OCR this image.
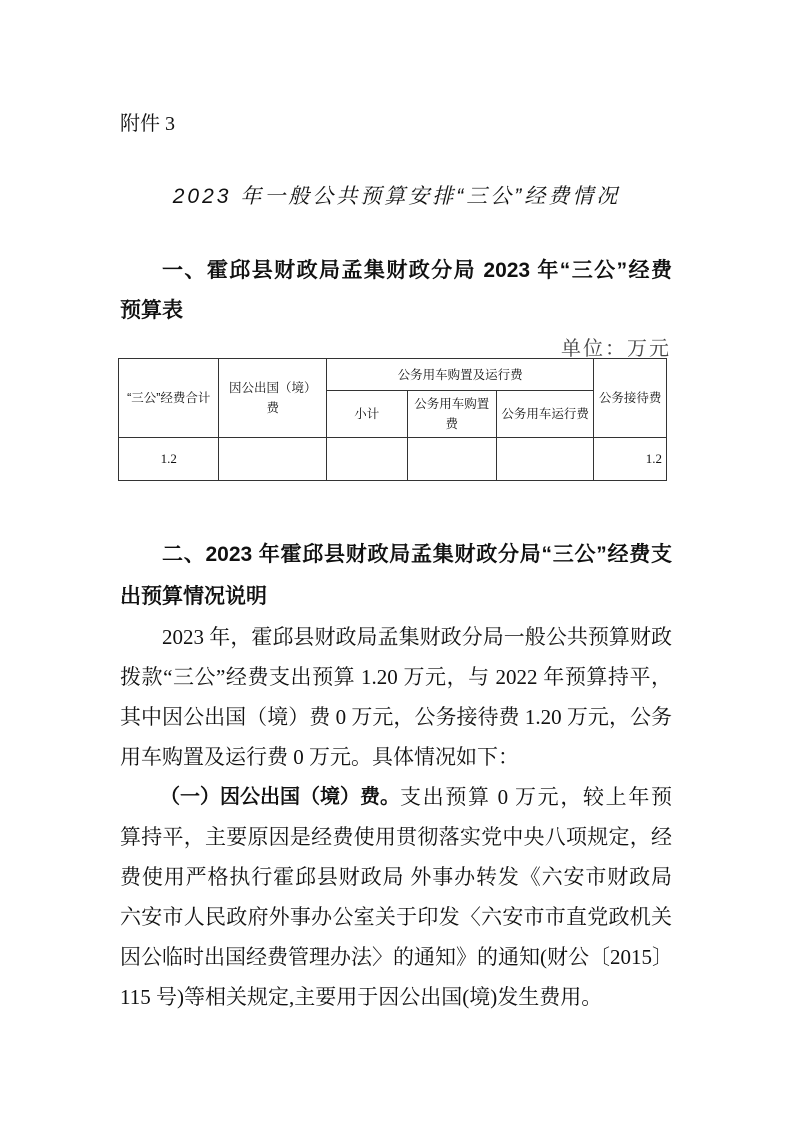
附件 3
2023 年一般公共预算安排“三公”经费情况
一、霍邱县财政局孟集财政分局 2023 年“三公”经费
预算表
单位：万元
“三公”经费合计	因公出国（境）费	公务用车购置及运行费			公务接待费
		小计	公务用车购置费	公务用车运行费	
1.2					1.2
二、2023 年霍邱县财政局孟集财政分局“三公”经费支
出预算情况说明
2023 年，霍邱县财政局孟集财政分局一般公共预算财政
拨款“三公”经费支出预算 1.20 万元，与 2022 年预算持平，
其中因公出国（境）费 0 万元，公务接待费 1.20 万元，公务
用车购置及运行费 0 万元。具体情况如下：
（一）因公出国（境）费。 支出预算 0 万元，较上年预
算持平，主要原因是经费使用贯彻落实党中央八项规定，经
费使用严格执行霍邱县财政局 外事办转发《六安市财政局
六安市人民政府外事办公室关于印发〈六安市市直党政机关
因公临时出国经费管理办法〉的通知》的通知(财公〔2015〕
115 号)等相关规定,主要用于因公出国(境)发生费用。
